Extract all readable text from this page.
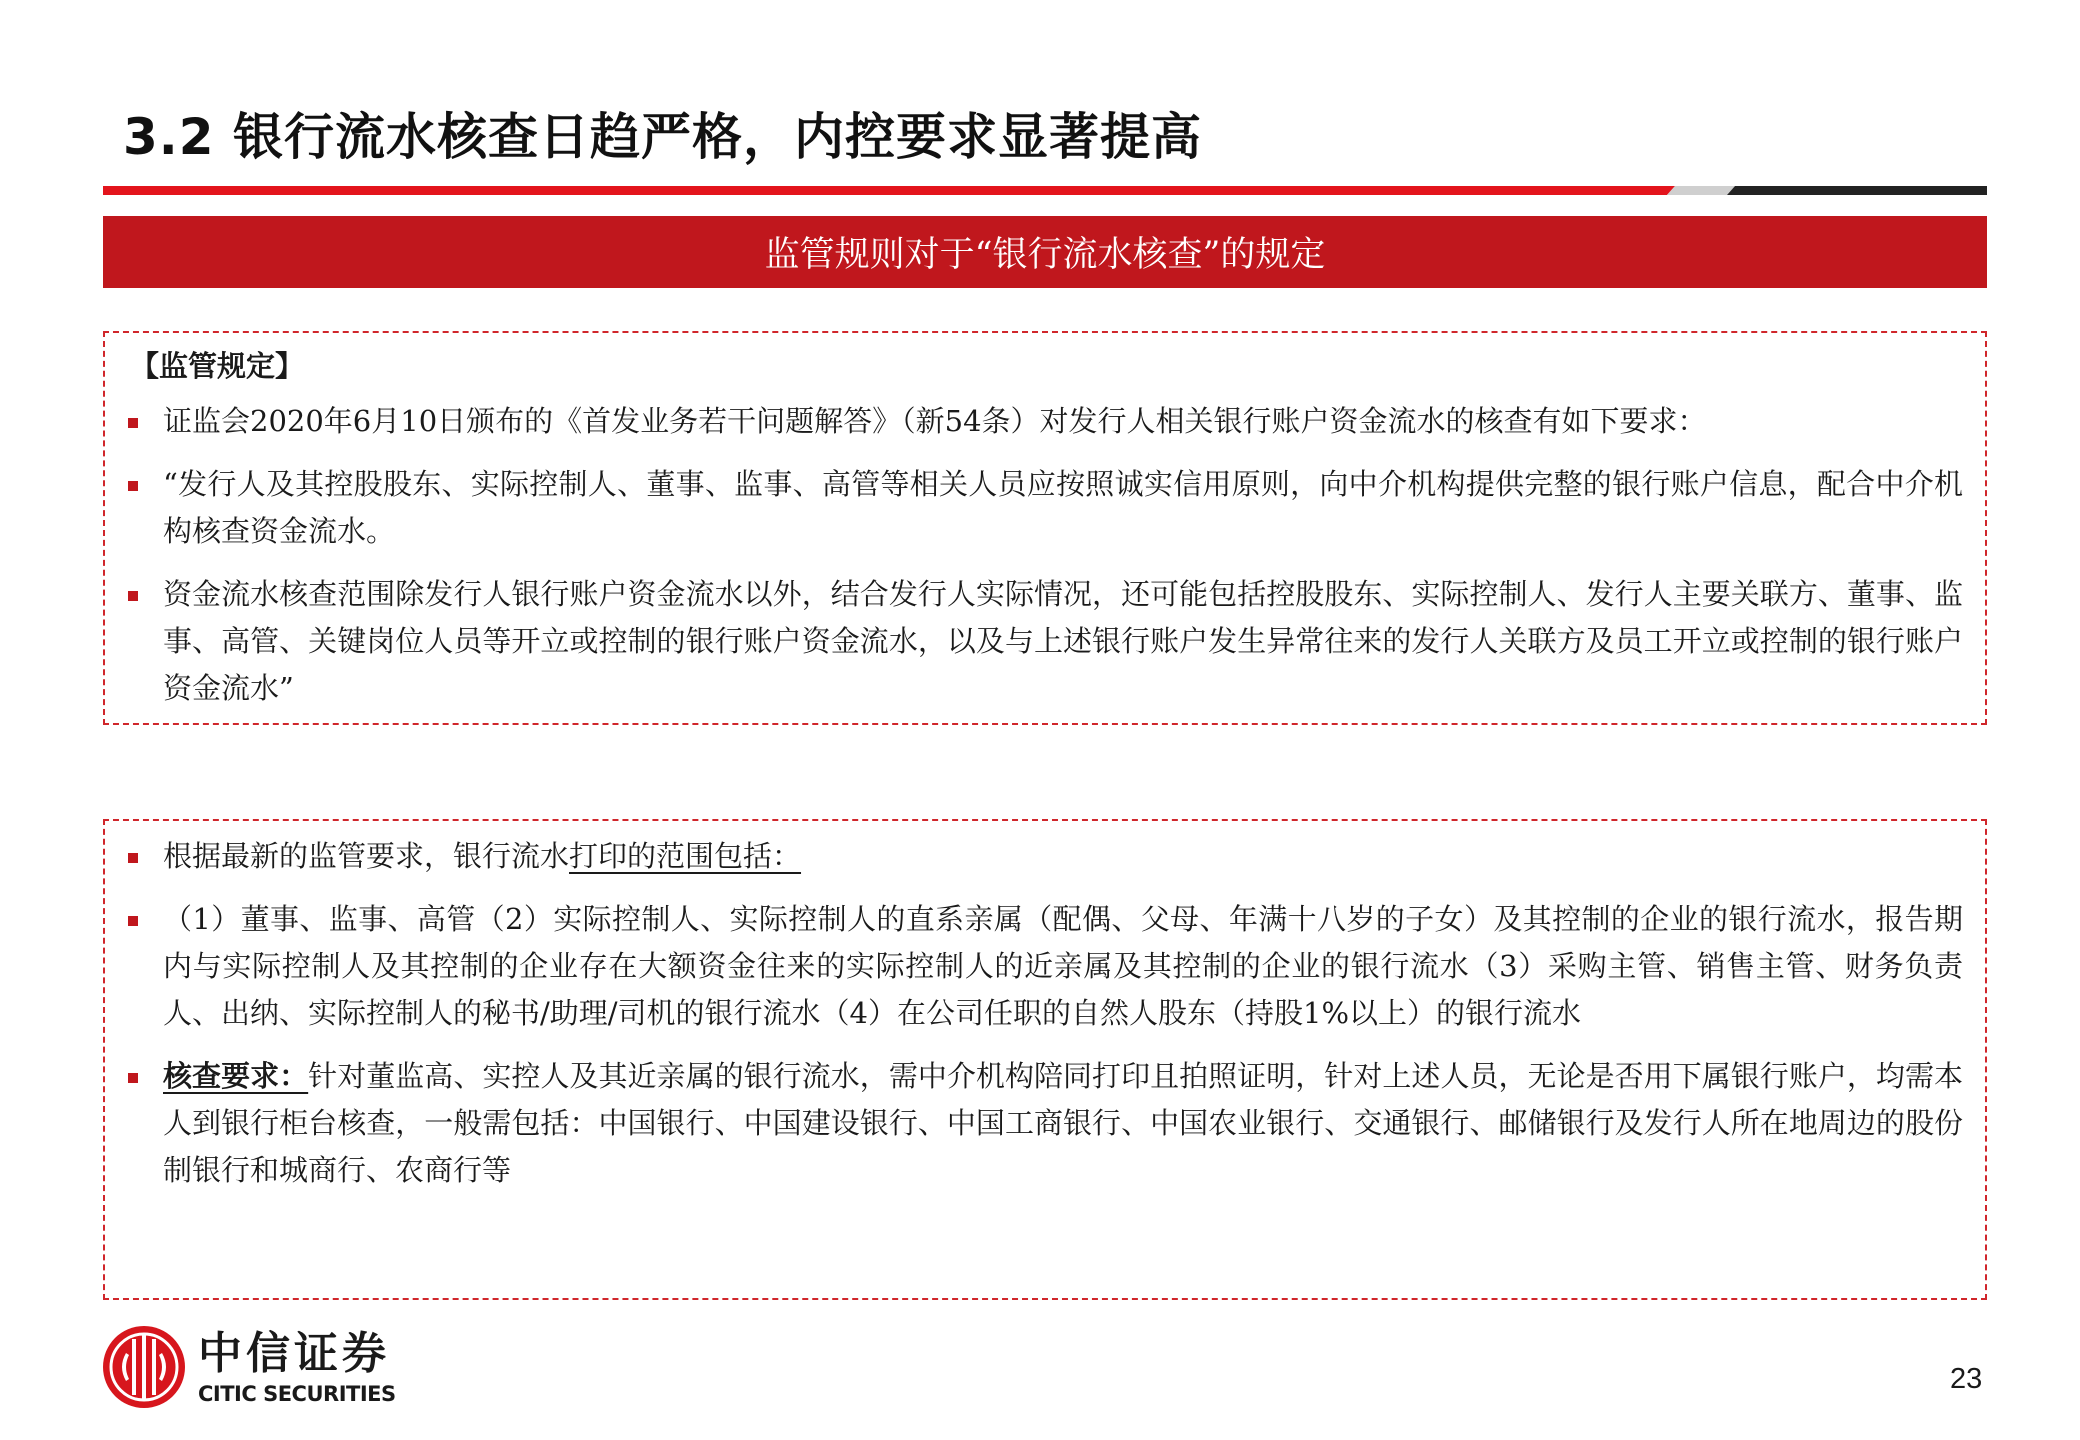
3.2 银行流水核查日趋严格，内控要求显著提高
监管规则对于“银行流水核查”的规定
【监管规定】
证监会2020年6月10日颁布的《首发业务若干问题解答》（新54条）对发行人相关银行账户资金流水的核查有如下要求：
“发行人及其控股股东、实际控制人、董事、监事、高管等相关人员应按照诚实信用原则，向中介机构提供完整的银行账户信息，配合中介机构核查资金流水。
资金流水核查范围除发行人银行账户资金流水以外，结合发行人实际情况，还可能包括控股股东、实际控制人、发行人主要关联方、董事、监事、高管、关键岗位人员等开立或控制的银行账户资金流水，以及与上述银行账户发生异常往来的发行人关联方及员工开立或控制的银行账户资金流水”
根据最新的监管要求，银行流水打印的范围包括：
（1）董事、监事、高管（2）实际控制人、实际控制人的直系亲属（配偶、父母、年满十八岁的子女）及其控制的企业的银行流水，报告期内与实际控制人及其控制的企业存在大额资金往来的实际控制人的近亲属及其控制的企业的银行流水（3）采购主管、销售主管、财务负责人、出纳、实际控制人的秘书/助理/司机的银行流水（4）在公司任职的自然人股东（持股1%以上）的银行流水
核查要求：针对董监高、实控人及其近亲属的银行流水，需中介机构陪同打印且拍照证明，针对上述人员，无论是否用下属银行账户，均需本人到银行柜台核查，一般需包括：中国银行、中国建设银行、中国工商银行、中国农业银行、交通银行、邮储银行及发行人所在地周边的股份制银行和城商行、农商行等
中信证券
CITIC SECURITIES	23
